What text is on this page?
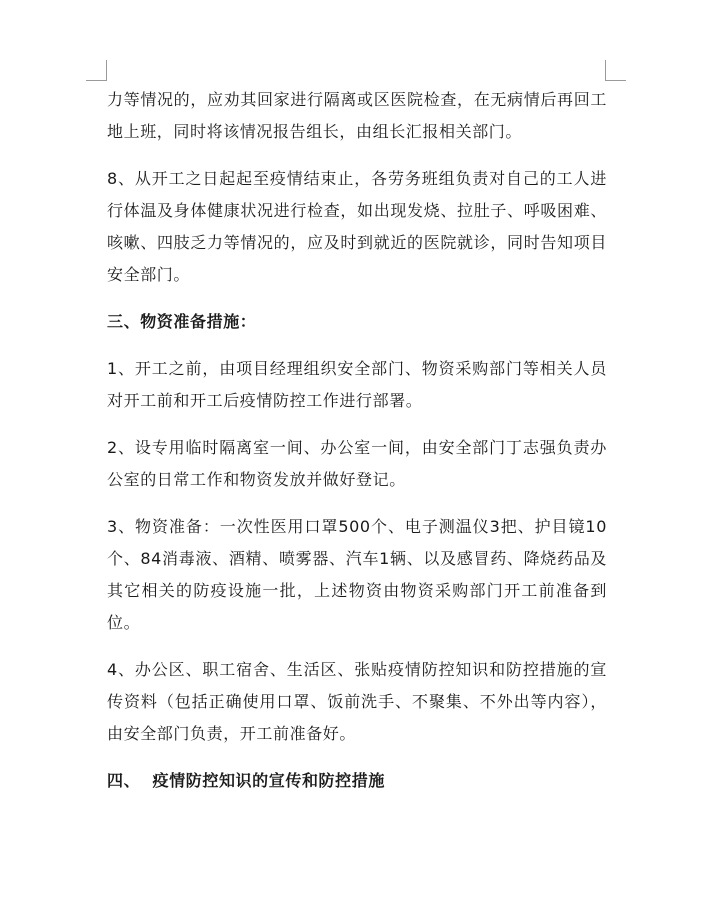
力等情况的，应劝其回家进行隔离或区医院检查，在无病情后再回工地上班，同时将该情况报告组长，由组长汇报相关部门。

8、从开工之日起起至疫情结束止，各劳务班组负责对自己的工人进行体温及身体健康状况进行检查，如出现发烧、拉肚子、呼吸困难、咳嗽、四肢乏力等情况的，应及时到就近的医院就诊，同时告知项目安全部门。

三、物资准备措施：

1、开工之前，由项目经理组织安全部门、物资采购部门等相关人员对开工前和开工后疫情防控工作进行部署。

2、设专用临时隔离室一间、办公室一间，由安全部门丁志强负责办公室的日常工作和物资发放并做好登记。

3、物资准备：一次性医用口罩500个、电子测温仪3把、护目镜10个、84消毒液、酒精、喷雾器、汽车1辆、以及感冒药、降烧药品及其它相关的防疫设施一批，上述物资由物资采购部门开工前准备到位。

4、办公区、职工宿舍、生活区、张贴疫情防控知识和防控措施的宣传资料（包括正确使用口罩、饭前洗手、不聚集、不外出等内容），由安全部门负责，开工前准备好。

四、  疫情防控知识的宣传和防控措施
